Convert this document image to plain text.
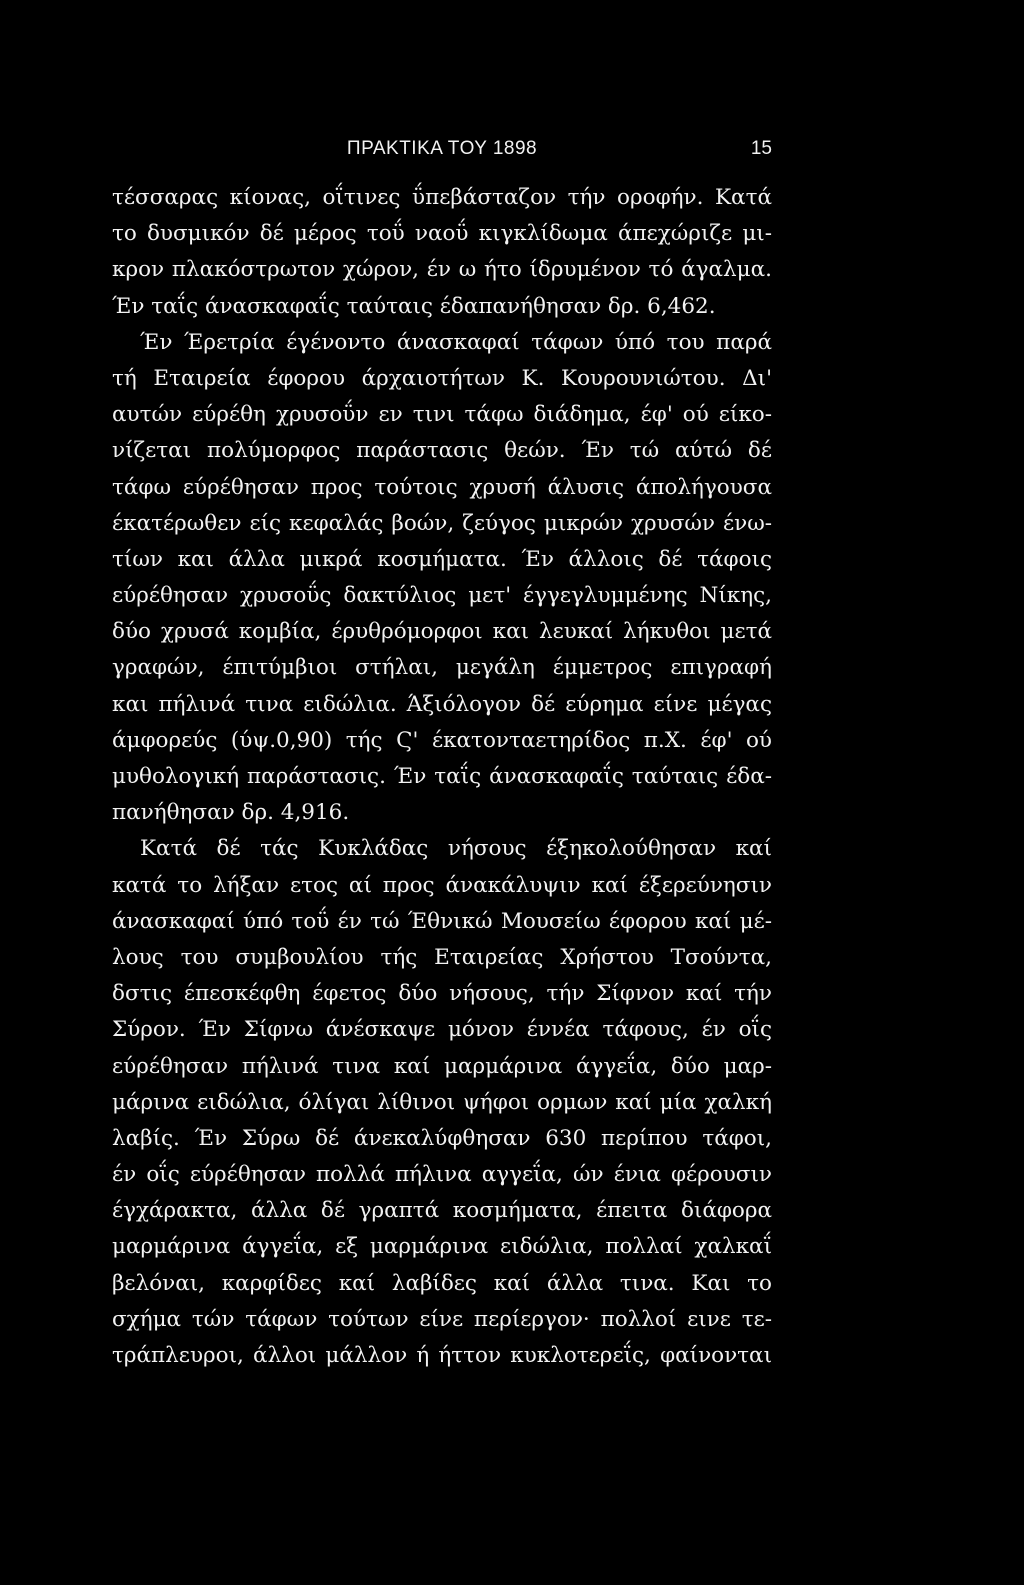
ΠΡΑΚΤΙΚΑ ΤΟΥ 1898	15
τέσσαρας κίονας, οΐτινες ΰπεβάσταζον τήν οροφήν. Κατά
το δυσμικόν δέ μέρος τοΰ ναοΰ κιγκλίδωμα άπεχώριζε μι-
κρον πλακόστρωτον χώρον, έν ω ήτο ίδρυμένον τό άγαλμα.
Έν ταΐς άνασκαφαΐς ταύταις έδαπανήθησαν δρ. 6,462.
Έν Έρετρία έγένοντο άνασκαφαί τάφων ύπό του παρά
τή Εταιρεία έφορου άρχαιοτήτων Κ. Κουρουνιώτου. Δι'
αυτών εύρέθη χρυσοΰν εν τινι τάφω διάδημα, έφ' ού είκο-
νίζεται πολύμορφος παράστασις θεών. Έν τώ αύτώ δέ
τάφω εύρέθησαν προς τούτοις χρυσή άλυσις άπολήγουσα
έκατέρωθεν είς κεφαλάς βοών, ζεύγος μικρών χρυσών ένω-
τίων και άλλα μικρά κοσμήματα. Έν άλλοις δέ τάφοις
εύρέθησαν χρυσοΰς δακτύλιος μετ' έγγεγλυμμένης Νίκης,
δύο χρυσά κομβία, έρυθρόμορφοι και λευκαί λήκυθοι μετά
γραφών, έπιτύμβιοι στήλαι, μεγάλη έμμετρος επιγραφή
και πήλινά τινα ειδώλια. Άξιόλογον δέ εύρημα είνε μέγας
άμφορεύς (ύψ.0,90) τής Ϛ' έκατονταετηρίδος π.Χ. έφ' ού
μυθολογική παράστασις. Έν ταΐς άνασκαφαΐς ταύταις έδα-
πανήθησαν δρ. 4,916.
Κατά δέ τάς Κυκλάδας νήσους έξηκολούθησαν καί
κατά το λήξαν ετος αί προς άνακάλυψιν καί έξερεύνησιν
άνασκαφαί ύπό τοΰ έν τώ Έθνικώ Μουσείω έφορου καί μέ-
λους του συμβουλίου τής Εταιρείας Χρήστου Τσούντα,
δστις έπεσκέφθη έφετος δύο νήσους, τήν Σίφνον καί τήν
Σύρον. Έν Σίφνω άνέσκαψε μόνον έννέα τάφους, έν οΐς
εύρέθησαν πήλινά τινα καί μαρμάρινα άγγεΐα, δύο μαρ-
μάρινα ειδώλια, όλίγαι λίθινοι ψήφοι ορμων καί μία χαλκή
λαβίς. Έν Σύρω δέ άνεκαλύφθησαν 630 περίπου τάφοι,
έν οΐς εύρέθησαν πολλά πήλινα αγγεΐα, ών ένια φέρουσιν
έγχάρακτα, άλλα δέ γραπτά κοσμήματα, έπειτα διάφορα
μαρμάρινα άγγεΐα, εξ μαρμάρινα ειδώλια, πολλαί χαλκαΐ
βελόναι, καρφίδες καί λαβίδες καί άλλα τινα. Και το
σχήμα τών τάφων τούτων είνε περίεργον· πολλοί εινε τε-
τράπλευροι, άλλοι μάλλον ή ήττον κυκλοτερεΐς, φαίνονται
